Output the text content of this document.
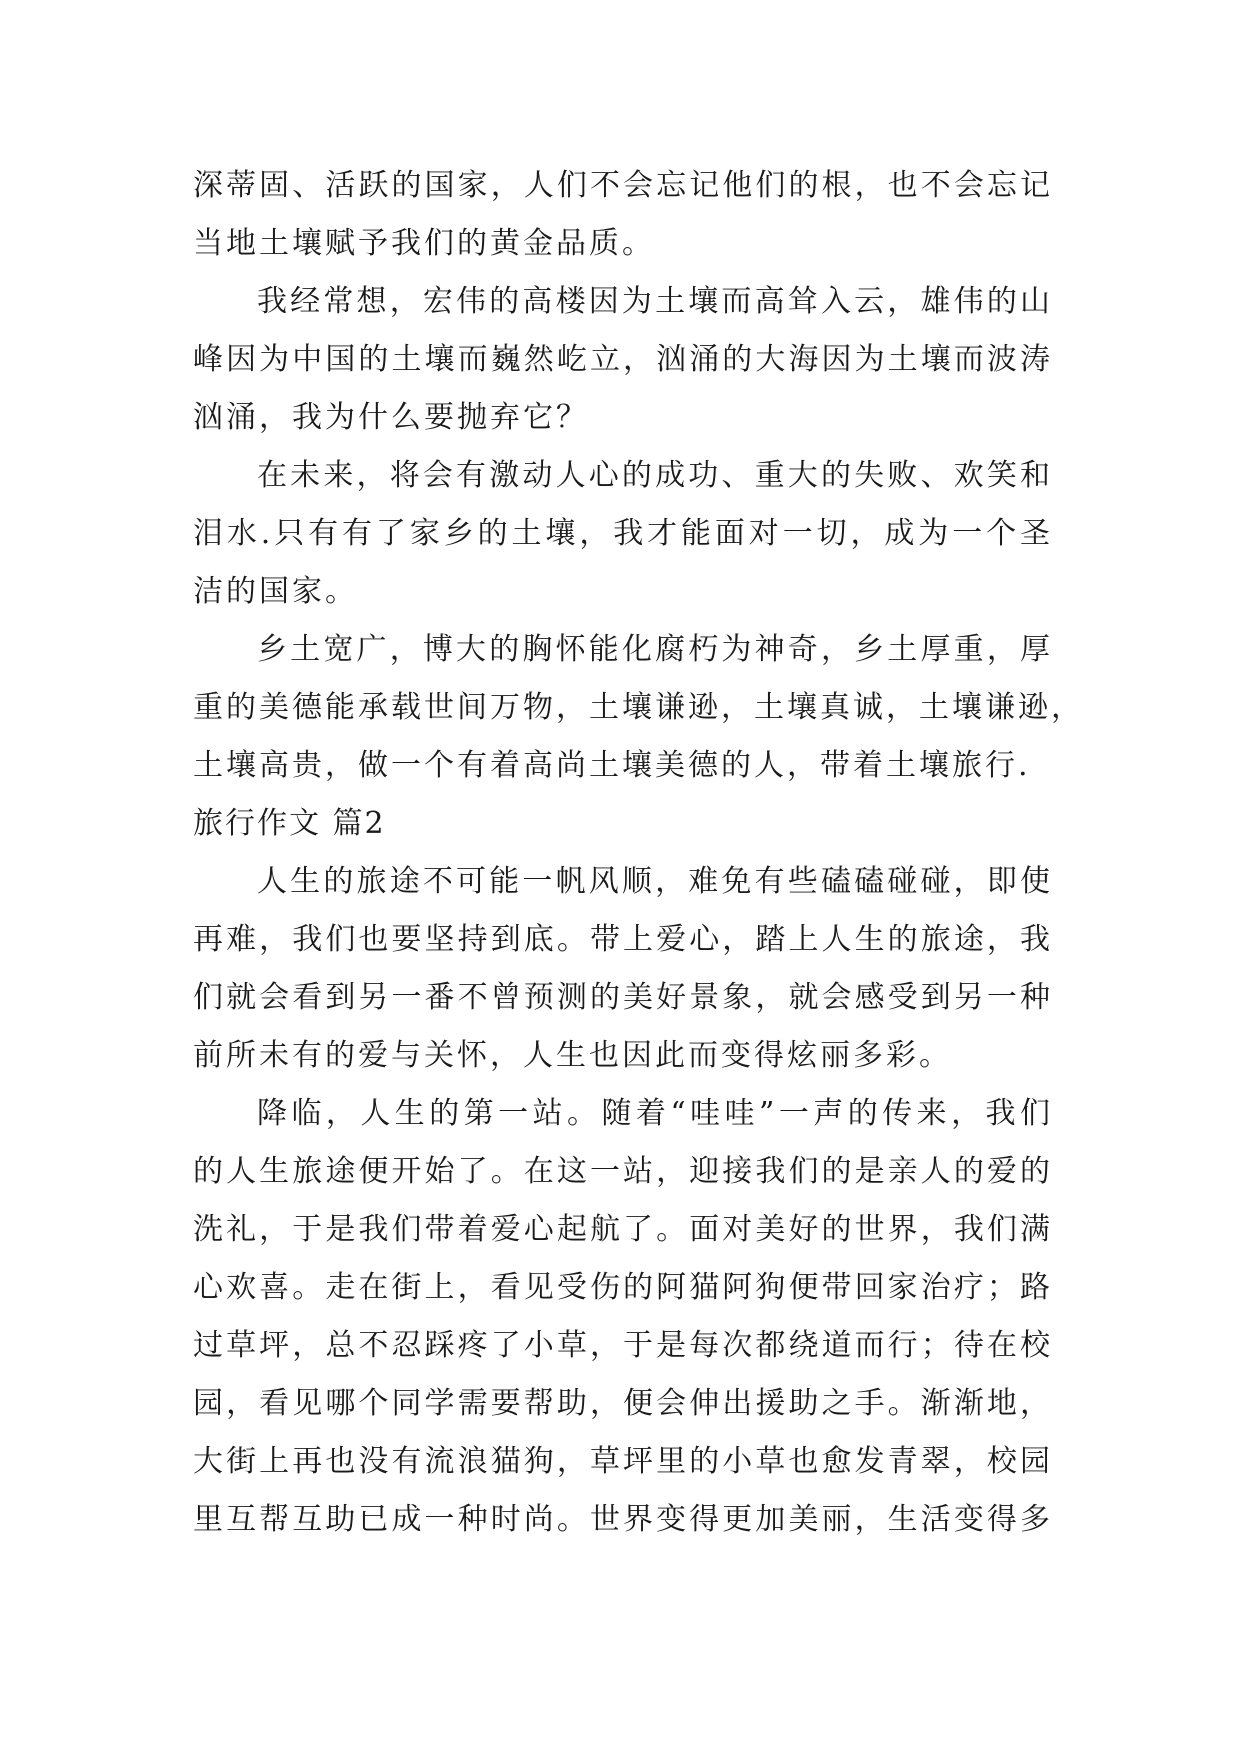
深蒂固、活跃的国家，人们不会忘记他们的根，也不会忘记
当地土壤赋予我们的黄金品质。
我经常想，宏伟的高楼因为土壤而高耸入云，雄伟的山
峰因为中国的土壤而巍然屹立，汹涌的大海因为土壤而波涛
汹涌，我为什么要抛弃它？
在未来，将会有激动人心的成功、重大的失败、欢笑和
泪水.只有有了家乡的土壤，我才能面对一切，成为一个圣
洁的国家。
乡土宽广，博大的胸怀能化腐朽为神奇，乡土厚重，厚
重的美德能承载世间万物，土壤谦逊，土壤真诚，土壤谦逊，
土壤高贵，做一个有着高尚土壤美德的人，带着土壤旅行.
旅行作文 篇2
人生的旅途不可能一帆风顺，难免有些磕磕碰碰，即使
再难，我们也要坚持到底。带上爱心，踏上人生的旅途，我
们就会看到另一番不曾预测的美好景象，就会感受到另一种
前所未有的爱与关怀，人生也因此而变得炫丽多彩。
降临，人生的第一站。随着“哇哇”一声的传来，我们
的人生旅途便开始了。在这一站，迎接我们的是亲人的爱的
洗礼，于是我们带着爱心起航了。面对美好的世界，我们满
心欢喜。走在街上，看见受伤的阿猫阿狗便带回家治疗；路
过草坪，总不忍踩疼了小草，于是每次都绕道而行；待在校
园，看见哪个同学需要帮助，便会伸出援助之手。渐渐地，
大街上再也没有流浪猫狗，草坪里的小草也愈发青翠，校园
里互帮互助已成一种时尚。世界变得更加美丽，生活变得多
